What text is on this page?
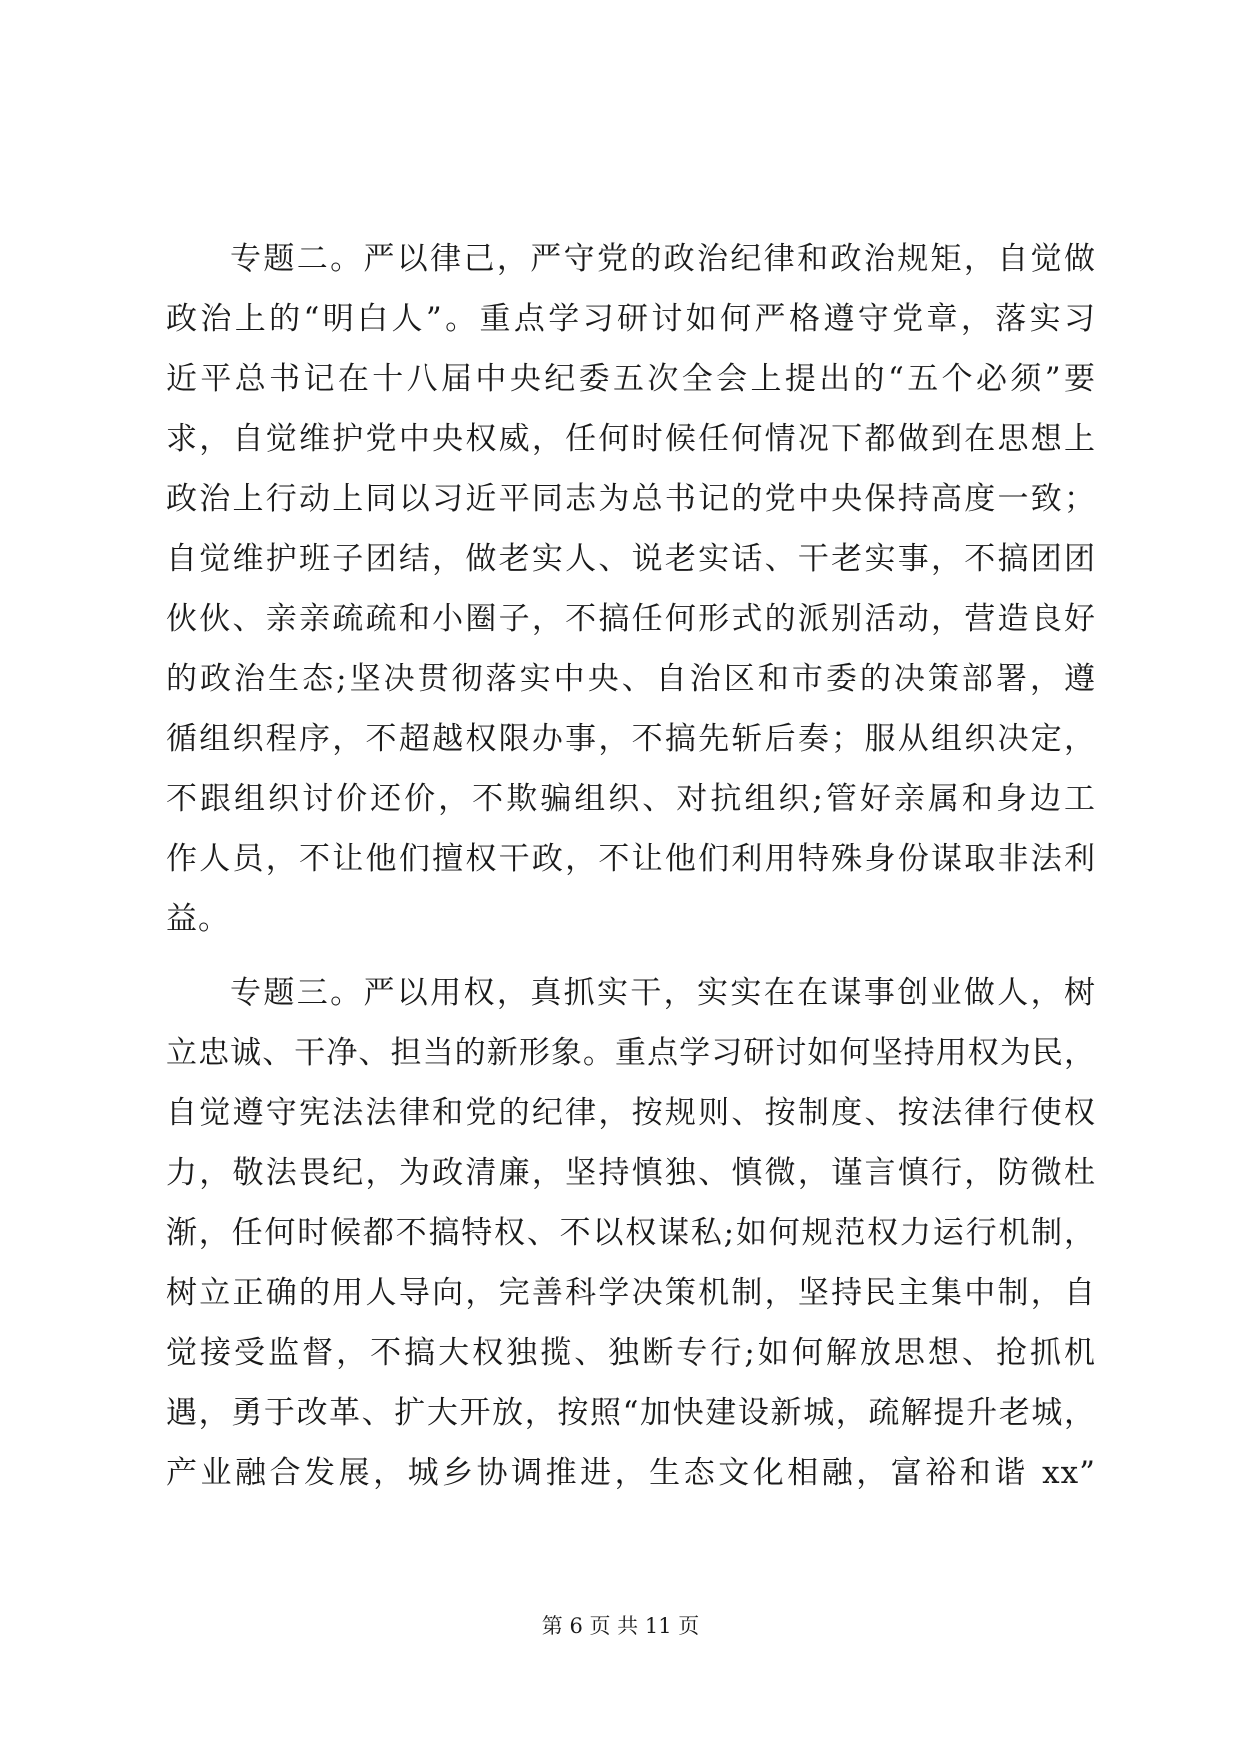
专题二。严以律己，严守党的政治纪律和政治规矩，自觉做
政治上的“明白人”。重点学习研讨如何严格遵守党章，落实习
近平总书记在十八届中央纪委五次全会上提出的“五个必须”要
求，自觉维护党中央权威，任何时候任何情况下都做到在思想上
政治上行动上同以习近平同志为总书记的党中央保持高度一致；
自觉维护班子团结，做老实人、说老实话、干老实事，不搞团团
伙伙、亲亲疏疏和小圈子，不搞任何形式的派别活动，营造良好
的政治生态;坚决贯彻落实中央、自治区和市委的决策部署，遵
循组织程序，不超越权限办事，不搞先斩后奏；服从组织决定，
不跟组织讨价还价，不欺骗组织、对抗组织;管好亲属和身边工
作人员，不让他们擅权干政，不让他们利用特殊身份谋取非法利
益。
专题三。严以用权，真抓实干，实实在在谋事创业做人，树
立忠诚、干净、担当的新形象。重点学习研讨如何坚持用权为民，
自觉遵守宪法法律和党的纪律，按规则、按制度、按法律行使权
力，敬法畏纪，为政清廉，坚持慎独、慎微，谨言慎行，防微杜
渐，任何时候都不搞特权、不以权谋私;如何规范权力运行机制，
树立正确的用人导向，完善科学决策机制，坚持民主集中制，自
觉接受监督，不搞大权独揽、独断专行;如何解放思想、抢抓机
遇，勇于改革、扩大开放，按照“加快建设新城，疏解提升老城，
产业融合发展，城乡协调推进，生态文化相融，富裕和谐 xx”
第 6 页 共 11 页
